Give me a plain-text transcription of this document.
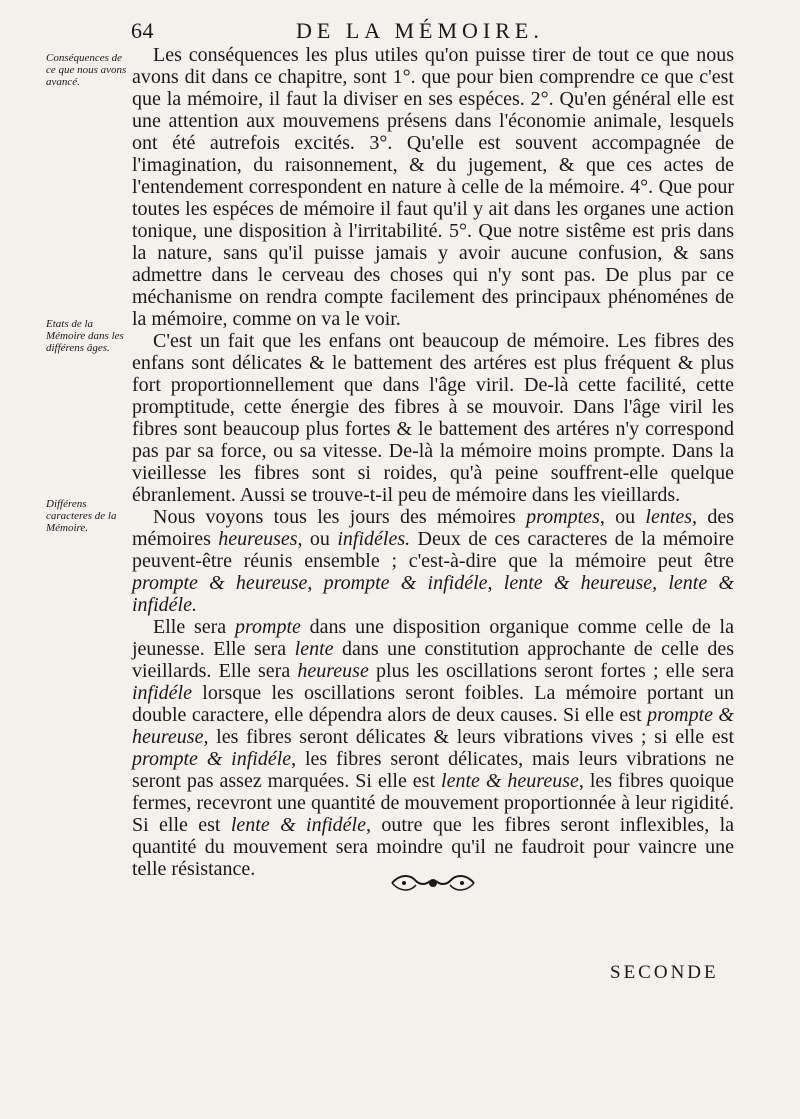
64	DE LA MÉMOIRE.
Conséquences de ce que nous avons avancé.
Etats de la Mémoire dans les différens âges.
Différens caracteres de la Mémoire.

Les conséquences les plus utiles qu'on puisse tirer de tout ce que nous avons dit dans ce chapitre, sont 1°. que pour bien comprendre ce que c'est que la mémoire, il faut la diviser en ses espéces. 2°. Qu'en général elle est une attention aux mouvemens présens dans l'économie animale, lesquels ont été autrefois excités. 3°. Qu'elle est souvent accompagnée de l'imagination, du raisonnement, & du jugement, & que ces actes de l'entendement correspondent en nature à celle de la mémoire. 4°. Que pour toutes les espéces de mémoire il faut qu'il y ait dans les organes une action tonique, une disposition à l'irritabilité. 5°. Que notre sistême est pris dans la nature, sans qu'il puisse jamais y avoir aucune confusion, & sans admettre dans le cerveau des choses qui n'y sont pas. De plus par ce méchanisme on rendra compte facilement des principaux phénoménes de la mémoire, comme on va le voir.

C'est un fait que les enfans ont beaucoup de mémoire. Les fibres des enfans sont délicates & le battement des artéres est plus fréquent & plus fort proportionnellement que dans l'âge viril. De-là cette facilité, cette promptitude, cette énergie des fibres à se mouvoir. Dans l'âge viril les fibres sont beaucoup plus fortes & le battement des artéres n'y correspond pas par sa force, ou sa vitesse. De-là la mémoire moins prompte. Dans la vieillesse les fibres sont si roides, qu'à peine souffrent-elle quelque ébranlement. Aussi se trouve-t-il peu de mémoire dans les vieillards.

Nous voyons tous les jours des mémoires promptes, ou lentes, des mémoires heureuses, ou infidéles. Deux de ces caracteres de la mémoire peuvent-être réunis ensemble ; c'est-à-dire que la mémoire peut être prompte & heureuse, prompte & infidéle, lente & heureuse, lente & infidéle.

Elle sera prompte dans une disposition organique comme celle de la jeunesse. Elle sera lente dans une constitution approchante de celle des vieillards. Elle sera heureuse plus les oscillations seront fortes ; elle sera infidéle lorsque les oscillations seront foibles. La mémoire portant un double caractere, elle dépendra alors de deux causes. Si elle est prompte & heureuse, les fibres seront délicates & leurs vibrations vives ; si elle est prompte & infidéle, les fibres seront délicates, mais leurs vibrations ne seront pas assez marquées. Si elle est lente & heureuse, les fibres quoique fermes, recevront une quantité de mouvement proportionnée à leur rigidité. Si elle est lente & infidéle, outre que les fibres seront inflexibles, la quantité du mouvement sera moindre qu'il ne faudroit pour vaincre une telle résistance.

SECONDE
